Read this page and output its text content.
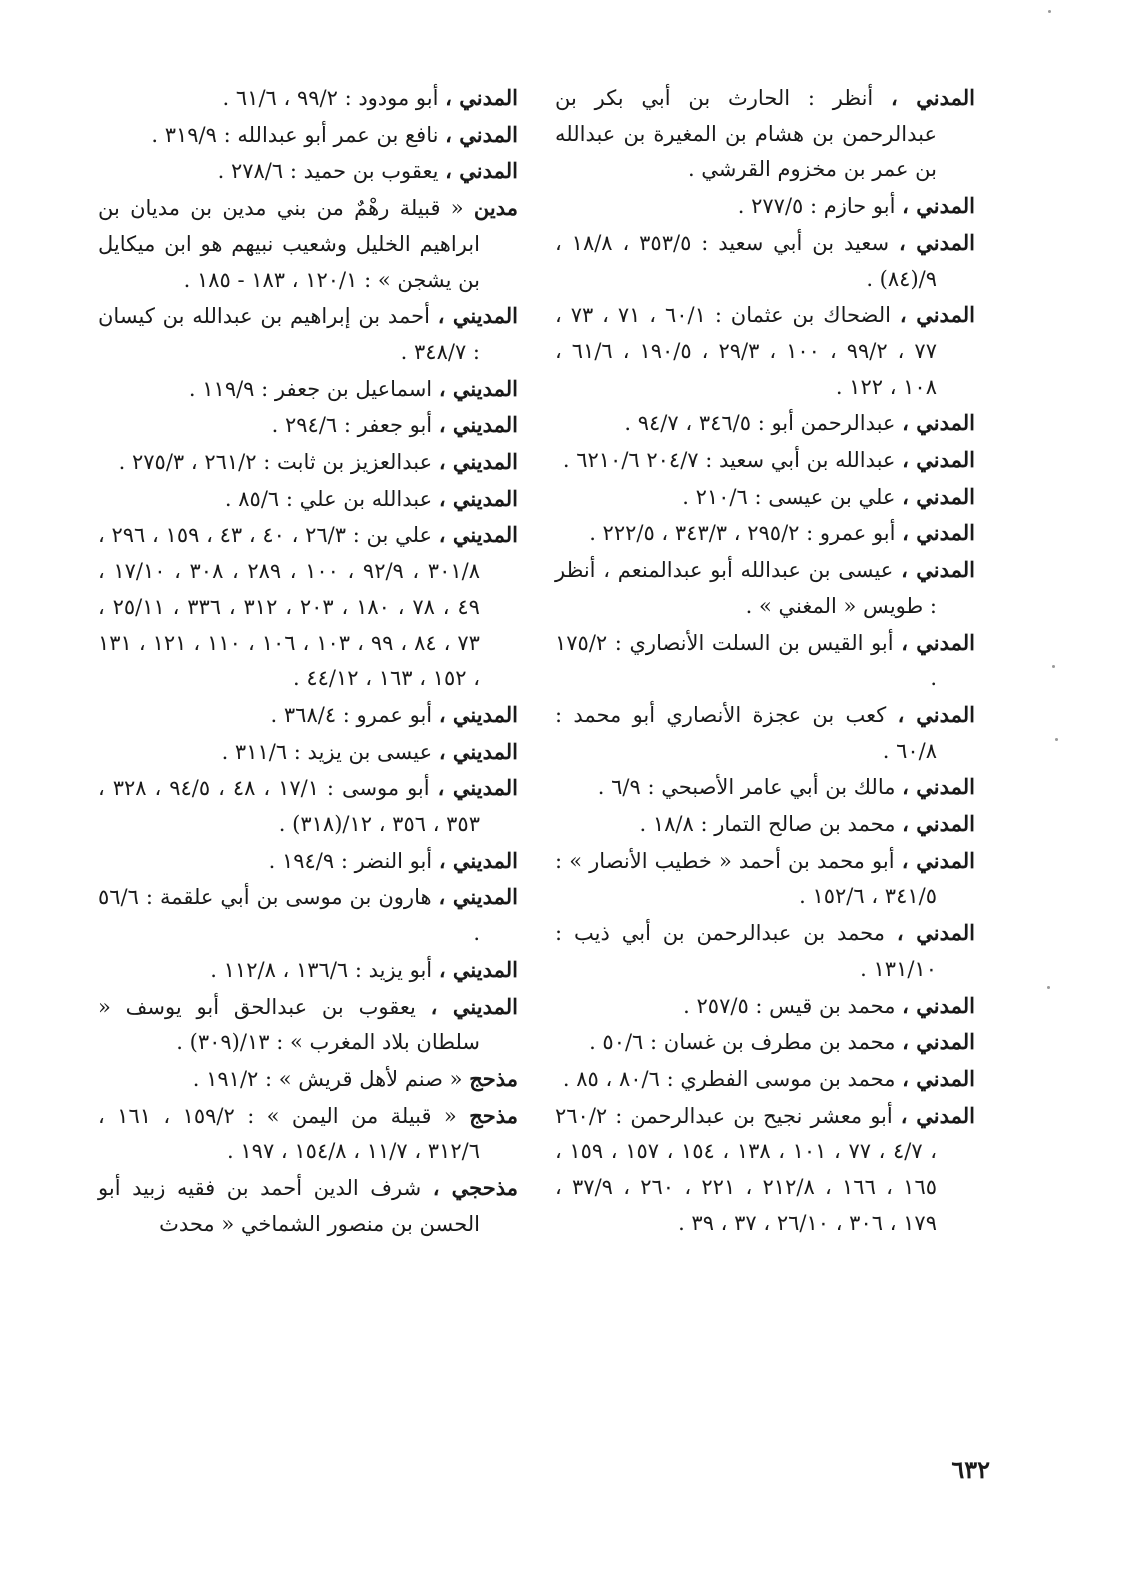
المدني ، أنظر : الحارث بن أبي بكر بن عبدالرحمن بن هشام بن المغيرة بن عبدالله بن عمر بن مخزوم القرشي .

المدني ، أبو حازم : ٢٧٧/٥ .

المدني ، سعيد بن أبي سعيد : ٣٥٣/٥ ، ١٨/٨ ، ٩/(٨٤) .

المدني ، الضحاك بن عثمان : ٦٠/١ ، ٧١ ، ٧٣ ، ٧٧ ، ٩٩/٢ ، ١٠٠ ، ٢٩/٣ ، ١٩٠/٥ ، ٦١/٦ ، ١٠٨ ، ١٢٢ .

المدني ، عبدالرحمن أبو : ٣٤٦/٥ ، ٩٤/٧ .

المدني ، عبدالله بن أبي سعيد : ٢٠٤/٧ ٦٢١٠/٦ .

المدني ، علي بن عيسى : ٢١٠/٦ .

المدني ، أبو عمرو : ٢٩٥/٢ ، ٣٤٣/٣ ، ٢٢٢/٥ .

المدني ، عيسى بن عبدالله أبو عبدالمنعم ، أنظر : طويس « المغني » .

المدني ، أبو القيس بن السلت الأنصاري : ١٧٥/٢ .

المدني ، كعب بن عجزة الأنصاري أبو محمد : ٦٠/٨ .

المدني ، مالك بن أبي عامر الأصبحي : ٦/٩ .

المدني ، محمد بن صالح التمار : ١٨/٨ .

المدني ، أبو محمد بن أحمد « خطيب الأنصار » : ٣٤١/٥ ، ١٥٢/٦ .

المدني ، محمد بن عبدالرحمن بن أبي ذيب : ١٣١/١٠ .

المدني ، محمد بن قيس : ٢٥٧/٥ .

المدني ، محمد بن مطرف بن غسان : ٥٠/٦ .

المدني ، محمد بن موسى الفطري : ٨٠/٦ ، ٨٥ .

المدني ، أبو معشر نجيح بن عبدالرحمن : ٢٦٠/٢ ، ٤/٧ ، ٧٧ ، ١٠١ ، ١٣٨ ، ١٥٤ ، ١٥٧ ، ١٥٩ ، ١٦٥ ، ١٦٦ ، ٢١٢/٨ ، ٢٢١ ، ٢٦٠ ، ٣٧/٩ ، ١٧٩ ، ٣٠٦ ، ٢٦/١٠ ، ٣٧ ، ٣٩ .

المدني ، أبو مودود : ٩٩/٢ ، ٦١/٦ .

المدني ، نافع بن عمر أبو عبدالله : ٣١٩/٩ .

المدني ، يعقوب بن حميد : ٢٧٨/٦ .

مدين « قبيلة رهْمٌ من بني مدين بن مديان بن ابراهيم الخليل وشعيب نبيهم هو ابن ميكايل بن يشجن » : ١٢٠/١ ، ١٨٣ - ١٨٥ .

المديني ، أحمد بن إبراهيم بن عبدالله بن كيسان : ٣٤٨/٧ .

المديني ، اسماعيل بن جعفر : ١١٩/٩ .

المديني ، أبو جعفر : ٢٩٤/٦ .

المديني ، عبدالعزيز بن ثابت : ٢٦١/٢ ، ٢٧٥/٣ .

المديني ، عبدالله بن علي : ٨٥/٦ .

المديني ، علي بن : ٢٦/٣ ، ٤٠ ، ٤٣ ، ١٥٩ ، ٢٩٦ ، ٣٠١/٨ ، ٩٢/٩ ، ١٠٠ ، ٢٨٩ ، ٣٠٨ ، ١٧/١٠ ، ٤٩ ، ٧٨ ، ١٨٠ ، ٢٠٣ ، ٣١٢ ، ٣٣٦ ، ٢٥/١١ ، ٧٣ ، ٨٤ ، ٩٩ ، ١٠٣ ، ١٠٦ ، ١١٠ ، ١٢١ ، ١٣١ ، ١٥٢ ، ١٦٣ ، ٤٤/١٢ .

المديني ، أبو عمرو : ٣٦٨/٤ .

المديني ، عيسى بن يزيد : ٣١١/٦ .

المديني ، أبو موسى : ١٧/١ ، ٤٨ ، ٩٤/٥ ، ٣٢٨ ، ٣٥٣ ، ٣٥٦ ، ١٢/(٣١٨) .

المديني ، أبو النضر : ١٩٤/٩ .

المديني ، هارون بن موسى بن أبي علقمة : ٥٦/٦ .

المديني ، أبو يزيد : ١٣٦/٦ ، ١١٢/٨ .

المديني ، يعقوب بن عبدالحق أبو يوسف « سلطان بلاد المغرب » : ١٣/(٣٠٩) .

مذحج « صنم لأهل قريش » : ١٩١/٢ .

مذحج « قبيلة من اليمن » : ١٥٩/٢ ، ١٦١ ، ٣١٢/٦ ، ١١/٧ ، ١٥٤/٨ ، ١٩٧ .

مذحجي ، شرف الدين أحمد بن فقيه زبيد أبو الحسن بن منصور الشماخي « محدث

٦٣٢
